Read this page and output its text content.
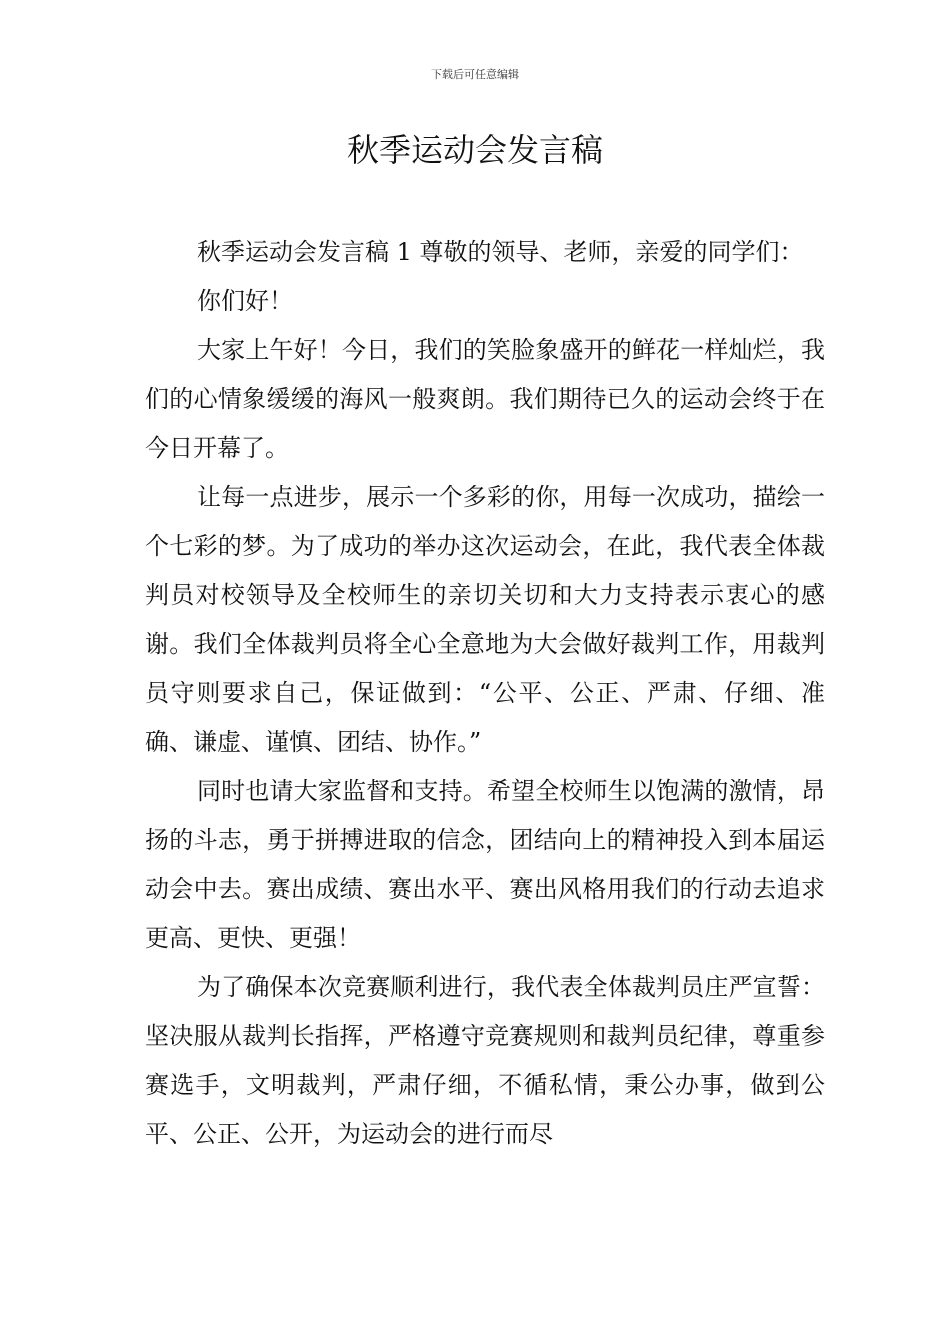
下载后可任意编辑
秋季运动会发言稿

秋季运动会发言稿 1 尊敬的领导、老师，亲爱的同学们：

你们好！

大家上午好！今日，我们的笑脸象盛开的鲜花一样灿烂，我们的心情象缓缓的海风一般爽朗。我们期待已久的运动会终于在今日开幕了。

让每一点进步，展示一个多彩的你，用每一次成功，描绘一个七彩的梦。为了成功的举办这次运动会，在此，我代表全体裁判员对校领导及全校师生的亲切关切和大力支持表示衷心的感谢。我们全体裁判员将全心全意地为大会做好裁判工作，用裁判员守则要求自己，保证做到：“公平、公正、严肃、仔细、准确、谦虚、谨慎、团结、协作。”

同时也请大家监督和支持。希望全校师生以饱满的激情，昂扬的斗志，勇于拼搏进取的信念，团结向上的精神投入到本届运动会中去。赛出成绩、赛出水平、赛出风格用我们的行动去追求更高、更快、更强！

为了确保本次竞赛顺利进行，我代表全体裁判员庄严宣誓：坚决服从裁判长指挥，严格遵守竞赛规则和裁判员纪律，尊重参赛选手，文明裁判，严肃仔细，不循私情，秉公办事，做到公平、公正、公开，为运动会的进行而尽
